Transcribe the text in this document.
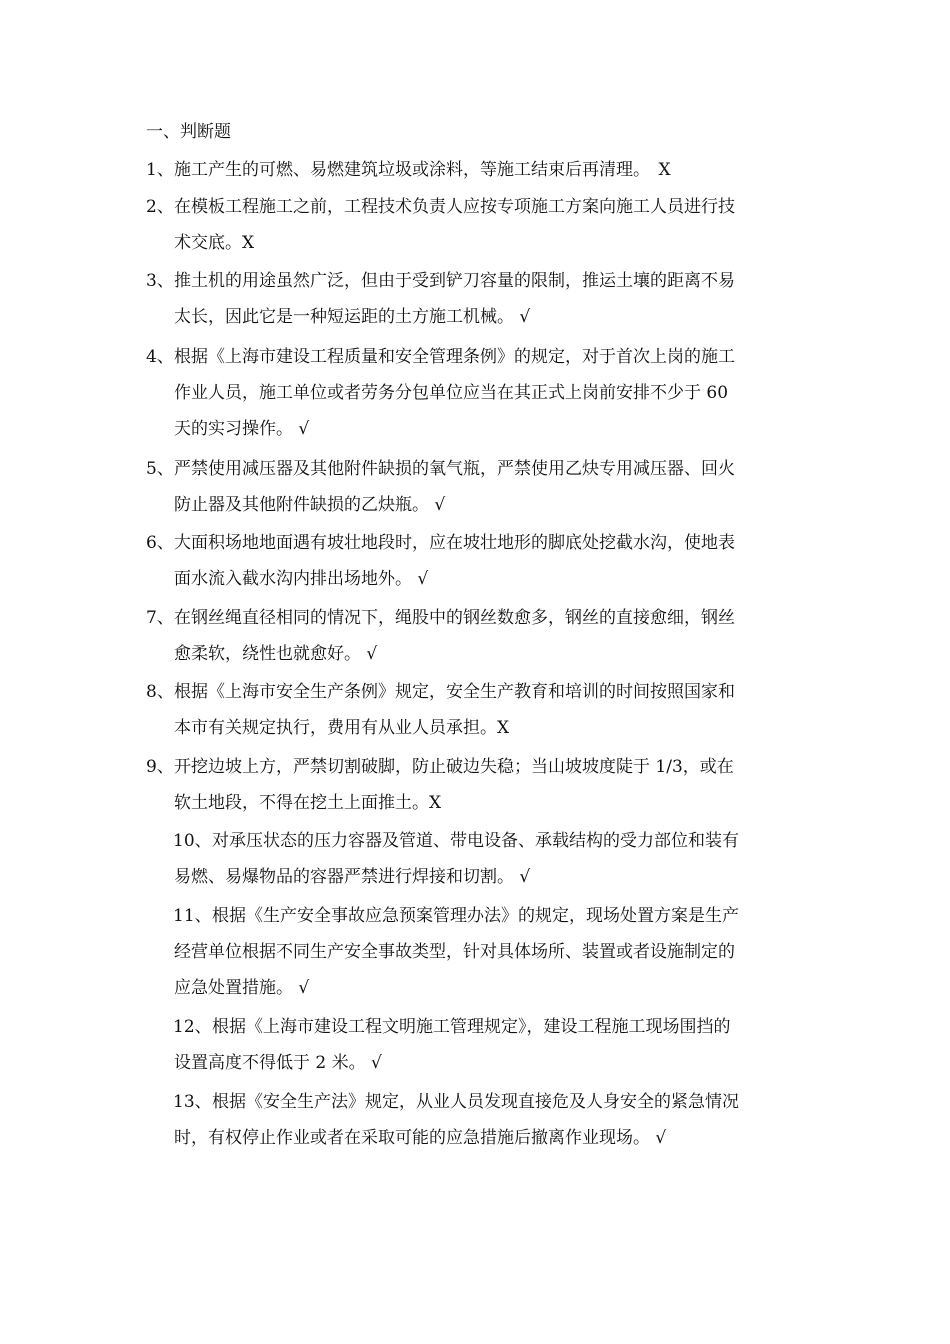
一、判断题
1、施工产生的可燃、易燃建筑垃圾或涂料，等施工结束后再清理。　X
2、在模板工程施工之前，工程技术负责人应按专项施工方案向施工人员进行技
术交底。X
3、推土机的用途虽然广泛，但由于受到铲刀容量的限制，推运土壤的距离不易
太长，因此它是一种短运距的土方施工机械。 √
4、根据《上海市建设工程质量和安全管理条例》的规定，对于首次上岗的施工
作业人员，施工单位或者劳务分包单位应当在其正式上岗前安排不少于 60
天的实习操作。 √
5、严禁使用减压器及其他附件缺损的氧气瓶，严禁使用乙炔专用减压器、回火
防止器及其他附件缺损的乙炔瓶。 √
6、大面积场地地面遇有坡壮地段时，应在坡壮地形的脚底处挖截水沟，使地表
面水流入截水沟内排出场地外。 √
7、在钢丝绳直径相同的情况下，绳股中的钢丝数愈多，钢丝的直接愈细，钢丝
愈柔软，绕性也就愈好。 √
8、根据《上海市安全生产条例》规定，安全生产教育和培训的时间按照国家和
本市有关规定执行，费用有从业人员承担。X
9、开挖边坡上方，严禁切割破脚，防止破边失稳；当山坡坡度陡于 1/3，或在
软土地段，不得在挖土上面推土。X
10、对承压状态的压力容器及管道、带电设备、承载结构的受力部位和装有
易燃、易爆物品的容器严禁进行焊接和切割。 √
11、根据《生产安全事故应急预案管理办法》的规定，现场处置方案是生产
经营单位根据不同生产安全事故类型，针对具体场所、装置或者设施制定的
应急处置措施。 √
12、根据《上海市建设工程文明施工管理规定》，建设工程施工现场围挡的
设置高度不得低于 2 米。 √
13、根据《安全生产法》规定，从业人员发现直接危及人身安全的紧急情况
时，有权停止作业或者在采取可能的应急措施后撤离作业现场。 √
